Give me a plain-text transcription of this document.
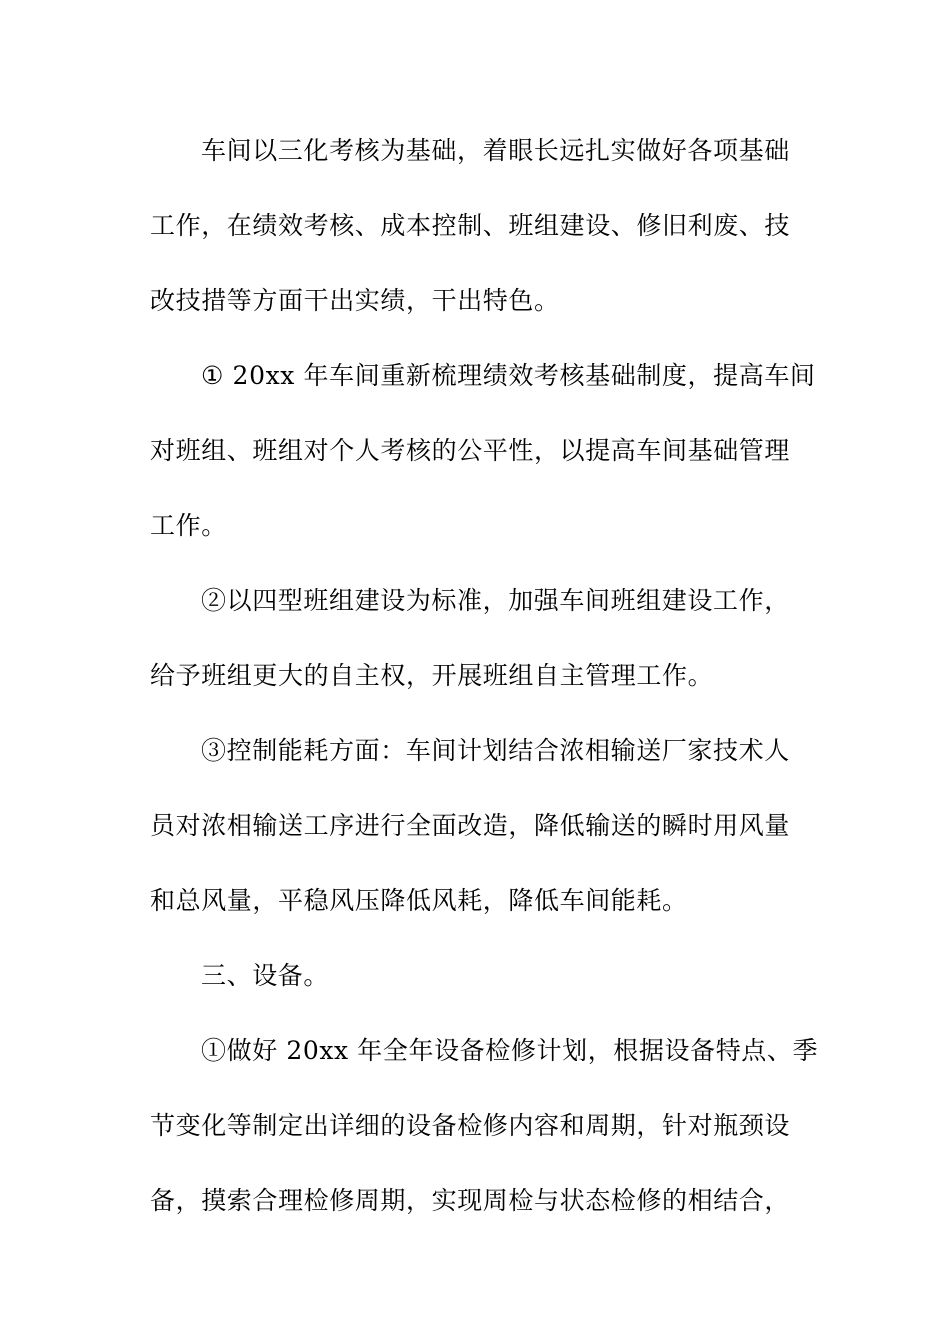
车间以三化考核为基础，着眼长远扎实做好各项基础

工作，在绩效考核、成本控制、班组建设、修旧利废、技

改技措等方面干出实绩，干出特色。

① 20xx 年车间重新梳理绩效考核基础制度，提高车间

对班组、班组对个人考核的公平性，以提高车间基础管理

工作。

②以四型班组建设为标准，加强车间班组建设工作，

给予班组更大的自主权，开展班组自主管理工作。

③控制能耗方面：车间计划结合浓相输送厂家技术人

员对浓相输送工序进行全面改造，降低输送的瞬时用风量

和总风量，平稳风压降低风耗，降低车间能耗。

三、设备。

①做好 20xx 年全年设备检修计划，根据设备特点、季

节变化等制定出详细的设备检修内容和周期，针对瓶颈设

备，摸索合理检修周期，实现周检与状态检修的相结合，
